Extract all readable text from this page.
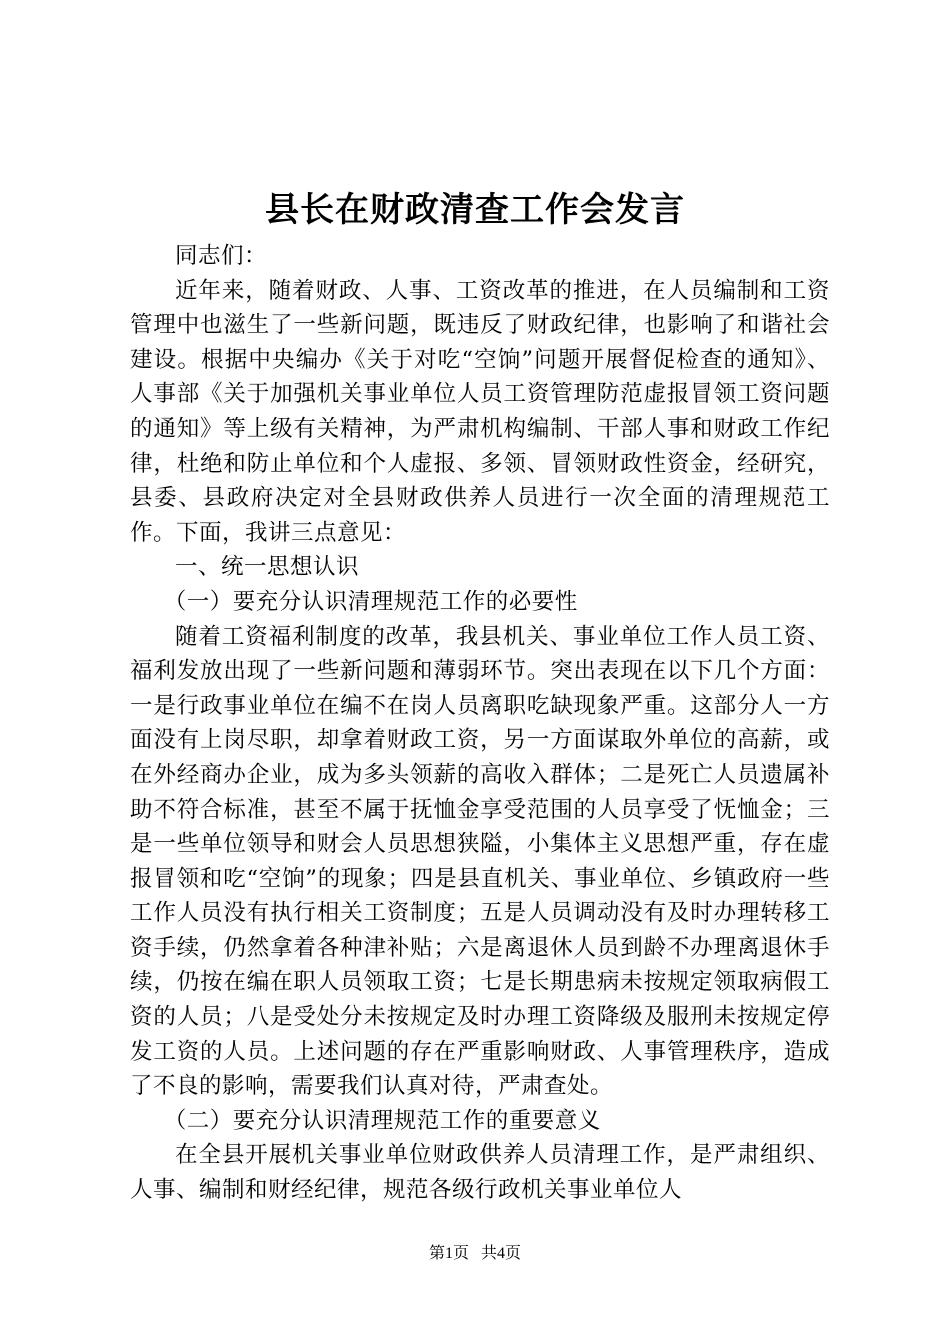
县长在财政清查工作会发言

同志们：

近年来，随着财政、人事、工资改革的推进，在人员编制和工资管理中也滋生了一些新问题，既违反了财政纪律，也影响了和谐社会建设。根据中央编办《关于对吃“空饷”问题开展督促检查的通知》、人事部《关于加强机关事业单位人员工资管理防范虚报冒领工资问题的通知》等上级有关精神，为严肃机构编制、干部人事和财政工作纪律，杜绝和防止单位和个人虚报、多领、冒领财政性资金，经研究，县委、县政府决定对全县财政供养人员进行一次全面的清理规范工作。下面，我讲三点意见：

一、统一思想认识

（一）要充分认识清理规范工作的必要性

随着工资福利制度的改革，我县机关、事业单位工作人员工资、福利发放出现了一些新问题和薄弱环节。突出表现在以下几个方面：一是行政事业单位在编不在岗人员离职吃缺现象严重。这部分人一方面没有上岗尽职，却拿着财政工资，另一方面谋取外单位的高薪，或在外经商办企业，成为多头领薪的高收入群体；二是死亡人员遗属补助不符合标准，甚至不属于抚恤金享受范围的人员享受了怃恤金；三是一些单位领导和财会人员思想狭隘，小集体主义思想严重，存在虚报冒领和吃“空饷”的现象；四是县直机关、事业单位、乡镇政府一些工作人员没有执行相关工资制度；五是人员调动没有及时办理转移工资手续，仍然拿着各种津补贴；六是离退休人员到龄不办理离退休手续，仍按在编在职人员领取工资；七是长期患病未按规定领取病假工资的人员；八是受处分未按规定及时办理工资降级及服刑未按规定停发工资的人员。上述问题的存在严重影响财政、人事管理秩序，造成了不良的影响，需要我们认真对待，严肃查处。

（二）要充分认识清理规范工作的重要意义

在全县开展机关事业单位财政供养人员清理工作，是严肃组织、人事、编制和财经纪律，规范各级行政机关事业单位人

第1页 共4页
